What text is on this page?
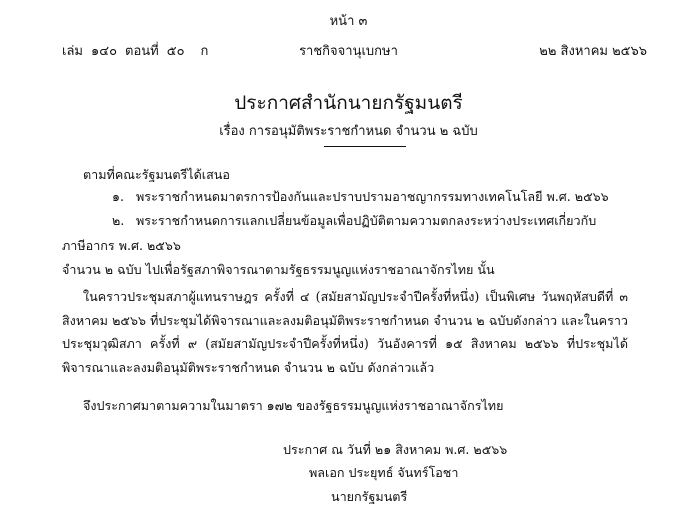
หน้า ๓
เล่ม ๑๔๐ ตอนที่ ๕๐ ก	ราชกิจจานุเบกษา	๒๒ สิงหาคม ๒๕๖๖
ประกาศสำนักนายกรัฐมนตรี
เรื่อง การอนุมัติพระราชกำหนด จำนวน ๒ ฉบับ
ตามที่คณะรัฐมนตรีได้เสนอ
๑. พระราชกำหนดมาตรการป้องกันและปราบปรามอาชญากรรมทางเทคโนโลยี พ.ศ. ๒๕๖๖
๒. พระราชกำหนดการแลกเปลี่ยนข้อมูลเพื่อปฏิบัติตามความตกลงระหว่างประเทศเกี่ยวกับ
ภาษีอากร พ.ศ. ๒๕๖๖
จำนวน ๒ ฉบับ ไปเพื่อรัฐสภาพิจารณาตามรัฐธรรมนูญแห่งราชอาณาจักรไทย นั้น
ในคราวประชุมสภาผู้แทนราษฎร ครั้งที่ ๔ (สมัยสามัญประจำปีครั้งที่หนึ่ง) เป็นพิเศษ วันพฤหัสบดีที่ ๓ สิงหาคม ๒๕๖๖ ที่ประชุมได้พิจารณาและลงมติอนุมัติพระราชกำหนด จำนวน ๒ ฉบับดังกล่าว และในคราวประชุมวุฒิสภา ครั้งที่ ๙ (สมัยสามัญประจำปีครั้งที่หนึ่ง) วันอังคารที่ ๑๕ สิงหาคม ๒๕๖๖ ที่ประชุมได้พิจารณาและลงมติอนุมัติพระราชกำหนด จำนวน ๒ ฉบับ ดังกล่าวแล้ว
จึงประกาศมาตามความในมาตรา ๑๗๒ ของรัฐธรรมนูญแห่งราชอาณาจักรไทย
ประกาศ ณ วันที่ ๒๑ สิงหาคม พ.ศ. ๒๕๖๖
พลเอก ประยุทธ์ จันทร์โอชา
นายกรัฐมนตรี
